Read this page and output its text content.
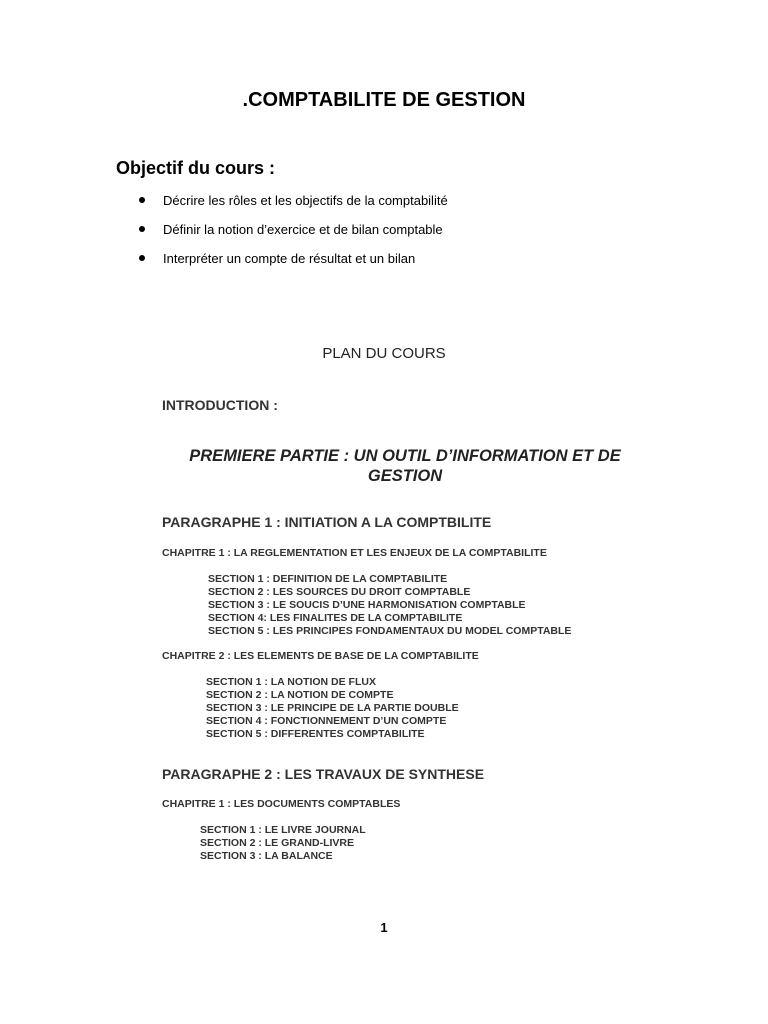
.COMPTABILITE DE GESTION
Objectif du cours :
Décrire les rôles et les objectifs de la comptabilité
Définir la notion d’exercice et de bilan comptable
Interpréter un compte de résultat et un bilan
PLAN DU COURS
INTRODUCTION :
PREMIERE PARTIE : UN OUTIL D’INFORMATION ET DE GESTION
PARAGRAPHE 1 : INITIATION A LA COMPTBILITE
CHAPITRE 1 : LA REGLEMENTATION ET LES ENJEUX DE LA COMPTABILITE
SECTION 1 : DEFINITION DE LA COMPTABILITE
SECTION 2 : LES SOURCES DU DROIT COMPTABLE
SECTION 3 : LE SOUCIS D’UNE HARMONISATION COMPTABLE
SECTION 4: LES FINALITES DE LA COMPTABILITE
SECTION 5 : LES PRINCIPES FONDAMENTAUX DU MODEL COMPTABLE
CHAPITRE 2 : LES ELEMENTS DE BASE DE LA COMPTABILITE
SECTION 1 : LA NOTION DE FLUX
SECTION 2 : LA NOTION DE COMPTE
SECTION 3 : LE PRINCIPE DE LA PARTIE DOUBLE
SECTION 4 : FONCTIONNEMENT D’UN COMPTE
SECTION 5 : DIFFERENTES COMPTABILITE
PARAGRAPHE 2 : LES TRAVAUX DE SYNTHESE
CHAPITRE 1 : LES DOCUMENTS COMPTABLES
SECTION 1 : LE LIVRE JOURNAL
SECTION 2 : LE GRAND-LIVRE
SECTION 3 : LA BALANCE
1
